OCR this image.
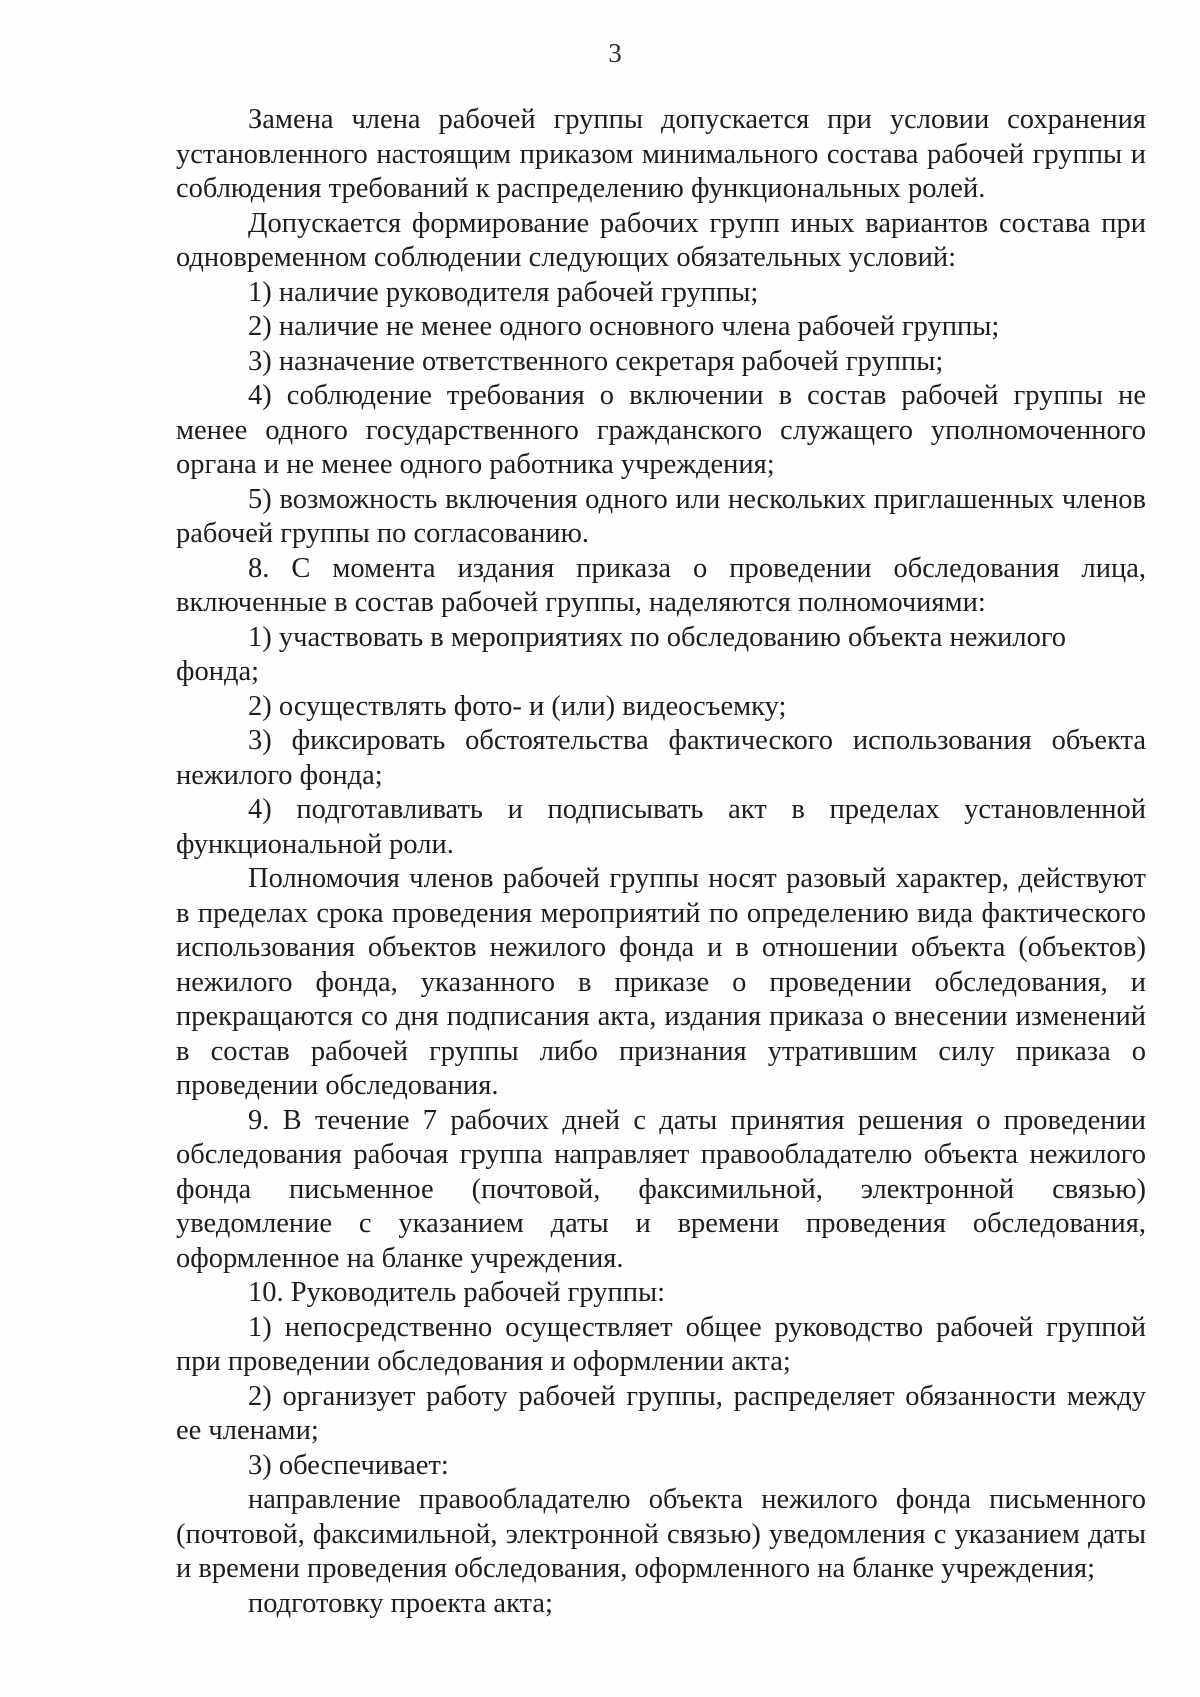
3

Замена члена рабочей группы допускается при условии сохранения установленного настоящим приказом минимального состава рабочей группы и соблюдения требований к распределению функциональных ролей.

Допускается формирование рабочих групп иных вариантов состава при одновременном соблюдении следующих обязательных условий:

1) наличие руководителя рабочей группы;

2) наличие не менее одного основного члена рабочей группы;

3) назначение ответственного секретаря рабочей группы;

4) соблюдение требования о включении в состав рабочей группы не менее одного государственного гражданского служащего уполномоченного органа и не менее одного работника учреждения;

5) возможность включения одного или нескольких приглашенных членов рабочей группы по согласованию.

8. С момента издания приказа о проведении обследования лица, включенные в состав рабочей группы, наделяются полномочиями:

1) участвовать в мероприятиях по обследованию объекта нежилого фонда;

2) осуществлять фото- и (или) видеосъемку;

3) фиксировать обстоятельства фактического использования объекта нежилого фонда;

4) подготавливать и подписывать акт в пределах установленной функциональной роли.

Полномочия членов рабочей группы носят разовый характер, действуют в пределах срока проведения мероприятий по определению вида фактического использования объектов нежилого фонда и в отношении объекта (объектов) нежилого фонда, указанного в приказе о проведении обследования, и прекращаются со дня подписания акта, издания приказа о внесении изменений в состав рабочей группы либо признания утратившим силу приказа о проведении обследования.

9. В течение 7 рабочих дней с даты принятия решения о проведении обследования рабочая группа направляет правообладателю объекта нежилого фонда письменное (почтовой, факсимильной, электронной связью) уведомление с указанием даты и времени проведения обследования, оформленное на бланке учреждения.

10. Руководитель рабочей группы:

1) непосредственно осуществляет общее руководство рабочей группой при проведении обследования и оформлении акта;

2) организует работу рабочей группы, распределяет обязанности между ее членами;

3) обеспечивает:

направление правообладателю объекта нежилого фонда письменного (почтовой, факсимильной, электронной связью) уведомления с указанием даты и времени проведения обследования, оформленного на бланке учреждения;

подготовку проекта акта;
